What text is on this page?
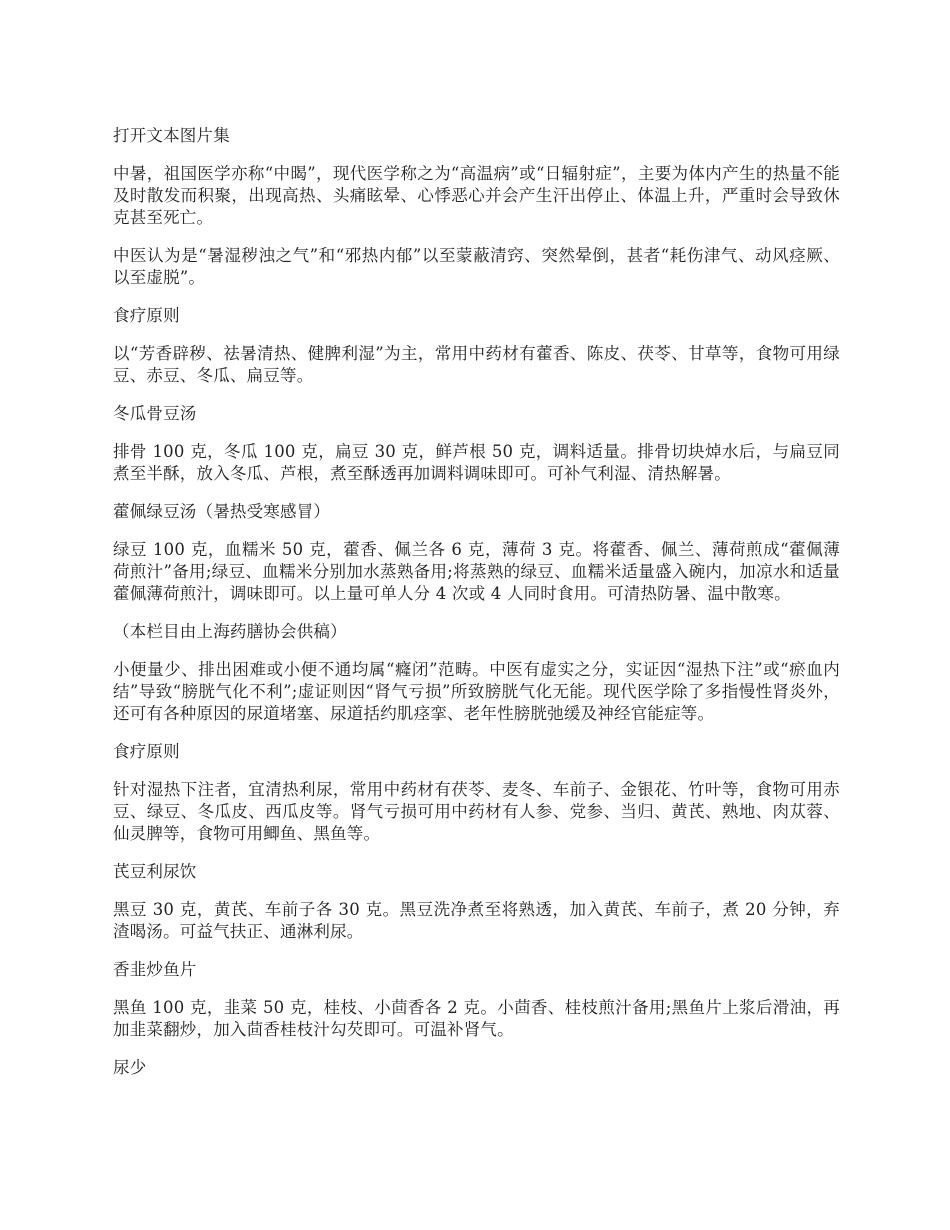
打开文本图片集

中暑，祖国医学亦称“中暍”，现代医学称之为“高温病”或“日辐射症”，主要为体内产生的热量不能及时散发而积聚，出现高热、头痛眩晕、心悸恶心并会产生汗出停止、体温上升，严重时会导致休克甚至死亡。

中医认为是“暑湿秽浊之气”和“邪热内郁”以至蒙蔽清窍、突然晕倒，甚者“耗伤津气、动风痉厥、以至虚脱”。

食疗原则

以“芳香辟秽、祛暑清热、健脾利湿”为主，常用中药材有藿香、陈皮、茯苓、甘草等，食物可用绿豆、赤豆、冬瓜、扁豆等。

冬瓜骨豆汤

排骨 100 克，冬瓜 100 克，扁豆 30 克，鲜芦根 50 克，调料适量。排骨切块焯水后，与扁豆同煮至半酥，放入冬瓜、芦根，煮至酥透再加调料调味即可。可补气利湿、清热解暑。

藿佩绿豆汤（暑热受寒感冒）

绿豆 100 克，血糯米 50 克，藿香、佩兰各 6 克，薄荷 3 克。将藿香、佩兰、薄荷煎成“藿佩薄荷煎汁”备用;绿豆、血糯米分别加水蒸熟备用;将蒸熟的绿豆、血糯米适量盛入碗内，加凉水和适量藿佩薄荷煎汁，调味即可。以上量可单人分 4 次或 4 人同时食用。可清热防暑、温中散寒。

（本栏目由上海药膳协会供稿）

小便量少、排出困难或小便不通均属“癃闭”范畴。中医有虚实之分，实证因“湿热下注”或“瘀血内结”导致“膀胱气化不利”;虚证则因“肾气亏损”所致膀胱气化无能。现代医学除了多指慢性肾炎外，还可有各种原因的尿道堵塞、尿道括约肌痉挛、老年性膀胱弛缓及神经官能症等。

食疗原则

针对湿热下注者，宜清热利尿，常用中药材有茯苓、麦冬、车前子、金银花、竹叶等，食物可用赤豆、绿豆、冬瓜皮、西瓜皮等。肾气亏损可用中药材有人参、党参、当归、黄芪、熟地、肉苁蓉、仙灵脾等，食物可用鲫鱼、黑鱼等。

芪豆利尿饮

黑豆 30 克，黄芪、车前子各 30 克。黑豆洗净煮至将熟透，加入黄芪、车前子，煮 20 分钟，弃渣喝汤。可益气扶正、通淋利尿。

香韭炒鱼片

黑鱼 100 克，韭菜 50 克，桂枝、小茴香各 2 克。小茴香、桂枝煎汁备用;黑鱼片上浆后滑油，再加韭菜翻炒，加入茴香桂枝汁勾芡即可。可温补肾气。

尿少
